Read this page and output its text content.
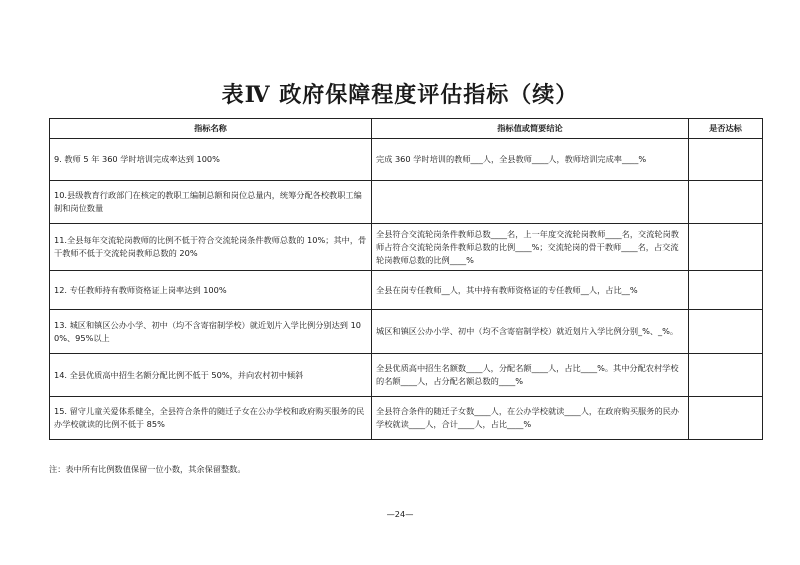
表Ⅳ 政府保障程度评估指标（续）
指标名称	指标值或简要结论	是否达标
9. 教师 5 年 360 学时培训完成率达到 100%	完成 360 学时培训的教师___人，全县教师____人，教师培训完成率____%	
10.县级教育行政部门在核定的教职工编制总额和岗位总量内，统筹分配各校教职工编制和岗位数量		
11.全县每年交流轮岗教师的比例不低于符合交流轮岗条件教师总数的 10%；其中，骨干教师不低于交流轮岗教师总数的 20%	全县符合交流轮岗条件教师总数____名，上一年度交流轮岗教师____名，交流轮岗教师占符合交流轮岗条件教师总数的比例____%；交流轮岗的骨干教师____名，占交流轮岗教师总数的比例____%	
12. 专任教师持有教师资格证上岗率达到 100%	全县在岗专任教师__人，其中持有教师资格证的专任教师__人，占比__%	
13. 城区和镇区公办小学、初中（均不含寄宿制学校）就近划片入学比例分别达到 100%、95%以上	城区和镇区公办小学、初中（均不含寄宿制学校）就近划片入学比例分别_%、_%。	
14. 全县优质高中招生名额分配比例不低于 50%，并向农村初中倾斜	全县优质高中招生名额数____人，分配名额____人，占比____%。其中分配农村学校的名额____人，占分配名额总数的____%	
15. 留守儿童关爱体系健全，全县符合条件的随迁子女在公办学校和政府购买服务的民办学校就读的比例不低于 85%	全县符合条件的随迁子女数____人，在公办学校就读____人，在政府购买服务的民办学校就读____人，合计____人，占比____%	
注：表中所有比例数值保留一位小数，其余保留整数。
—24—
